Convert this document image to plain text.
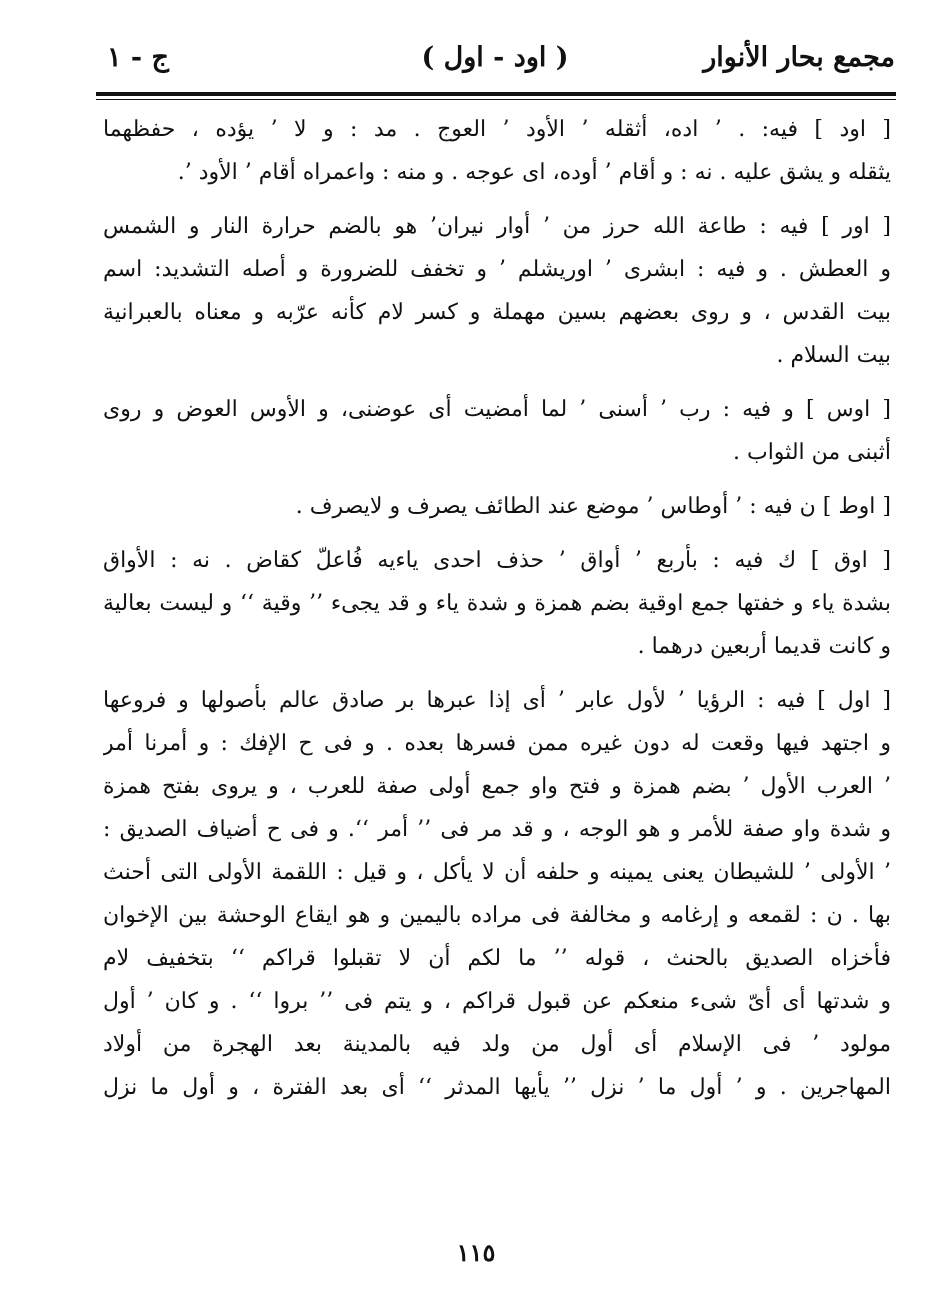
مجمع بحار الأنوار
( اود - اول )
ج - ١
[ اود ] فيه: . ’ اده، أثقله ’ الأود ’ العوج . مد : و لا ’ يؤده ، حفظهما
يثقله و يشق عليه . نه : و أقام ’ أوده، اى عوجه . و منه : واعمراه أقام ’ الأود ’.
[ اور ] فيه : طاعة الله حرز من ’ أوار نيران’ هو بالضم حرارة النار و الشمس
و العطش . و فيه : ابشرى ’ اوريشلم ’ و تخفف للضرورة و أصله التشديد: اسم
بيت القدس ، و روى بعضهم بسين مهملة و كسر لام كأنه عرّبه و معناه بالعبرانية
بيت السلام .
[ اوس ] و فيه : رب ’ أسنى ’ لما أمضيت أى عوضنى، و الأوس العوض و روى
أثبنى من الثواب .
[ اوط ] ن فيه : ’ أوطاس ’ موضع عند الطائف يصرف و لايصرف .
[ اوق ] ك فيه : بأربع ’ أواق ’ حذف احدى ياءيه فُاعلّ كقاض . نه : الأواق
بشدة ياء و خفتها جمع اوقية بضم همزة و شدة ياء و قد يجىء ’’ وقية ‘‘ و ليست بعالية
و كانت قديما أربعين درهما .
[ اول ] فيه : الرؤيا ’ لأول عابر ’ أى إذا عبرها بر صادق عالم بأصولها و فروعها
و اجتهد فيها وقعت له دون غيره ممن فسرها بعده . و فى ح الإفك : و أمرنا أمر
’ العرب الأول ’ بضم همزة و فتح واو جمع أولى صفة للعرب ، و يروى بفتح همزة
و شدة واو صفة للأمر و هو الوجه ، و قد مر فى ’’ أمر ‘‘. و فى ح أضياف الصديق :
’ الأولى ’ للشيطان يعنى يمينه و حلفه أن لا يأكل ، و قيل : اللقمة الأولى التى أحنث
بها . ن : لقمعه و إرغامه و مخالفة فى مراده باليمين و هو ايقاع الوحشة بين الإخوان
فأخزاه الصديق بالحنث ، قوله ’’ ما لكم أن لا تقبلوا قراكم ‘‘ بتخفيف لام
و شدتها أى أىّ شىء منعكم عن قبول قراكم ، و يتم فى ’’ بروا ‘‘ . و كان ’ أول
مولود ’ فى الإسلام أى أول من ولد فيه بالمدينة بعد الهجرة من أولاد
المهاجرين . و ’ أول ما ’ نزل ’’ يأيها المدثر ‘‘ أى بعد الفترة ، و أول ما نزل
١١٥
